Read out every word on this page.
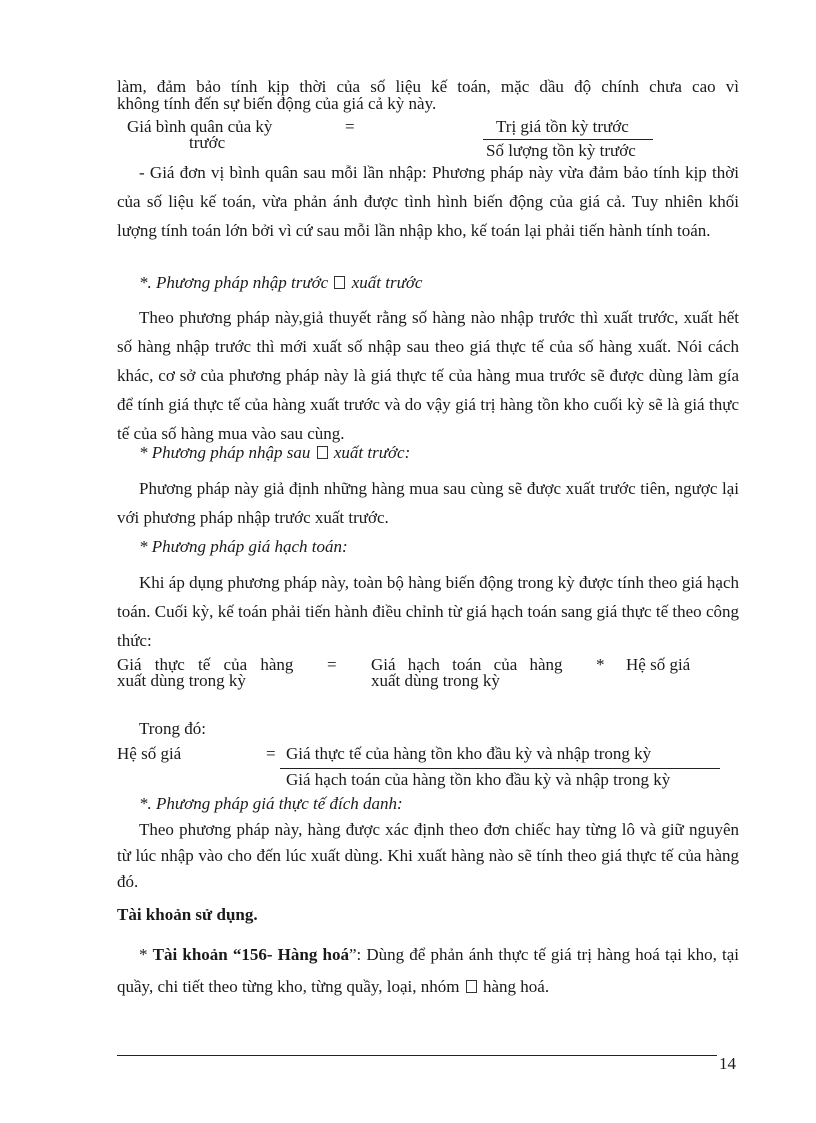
làm, đảm bảo tính kịp thời của số liệu kế toán, mặc dầu độ chính chưa cao vì
không tính đến sự biến động của giá cả kỳ này.
Giá bình quân của kỳ
trước
=	Trị giá tồn kỳ trước
Số lượng tồn kỳ trước
- Giá đơn vị bình quân sau mỗi lần nhập: Phương pháp này vừa đảm bảo tính kịp thời của số liệu kế toán, vừa phản ánh được tình hình biến động của giá cả. Tuy nhiên khối lượng tính toán lớn bởi vì cứ sau mỗi lần nhập kho, kế toán lại phải tiến hành tính toán.
*. Phương pháp nhập trước xuất trước
Theo phương pháp này,giả thuyết rằng số hàng nào nhập trước thì xuất trước, xuất hết số hàng nhập trước thì mới xuất số nhập sau theo giá thực tế của số hàng xuất. Nói cách khác, cơ sở của phương pháp này là giá thực tế của hàng mua trước sẽ được dùng làm gía để tính giá thực tế của hàng xuất trước và do vậy giá trị hàng tồn kho cuối kỳ sẽ là giá thực tế của số hàng mua vào sau cùng.
* Phương pháp nhập sau xuất trước:
Phương pháp này giả định những hàng mua sau cùng sẽ được xuất trước tiên, ngược lại với phương pháp nhập trước xuất trước.
* Phương pháp giá hạch toán:
Khi áp dụng phương pháp này, toàn bộ hàng biến động trong kỳ được tính theo giá hạch toán. Cuối kỳ, kế toán phải tiến hành điều chỉnh từ giá hạch toán sang giá thực tế theo công thức:
Giá thực tế của hàng
xuất dùng trong kỳ
= Giá hạch toán của hàng
xuất dùng trong kỳ
* Hệ số giá
Trong đó:
Hệ số giá	= Giá thực tế của hàng tồn kho đầu kỳ và nhập trong kỳ
Giá hạch toán của hàng tồn kho đầu kỳ và nhập trong kỳ
*. Phương pháp giá thực tế đích danh:
Theo phương pháp này, hàng được xác định theo đơn chiếc hay từng lô và giữ nguyên từ lúc nhập vào cho đến lúc xuất dùng. Khi xuất hàng nào sẽ tính theo giá thực tế của hàng đó.
Tài khoản sử dụng.
* Tài khoản “156- Hàng hoá”: Dùng để phản ánh thực tế giá trị hàng hoá tại kho, tại quầy, chi tiết theo từng kho, từng quầy, loại, nhóm hàng hoá.
14
